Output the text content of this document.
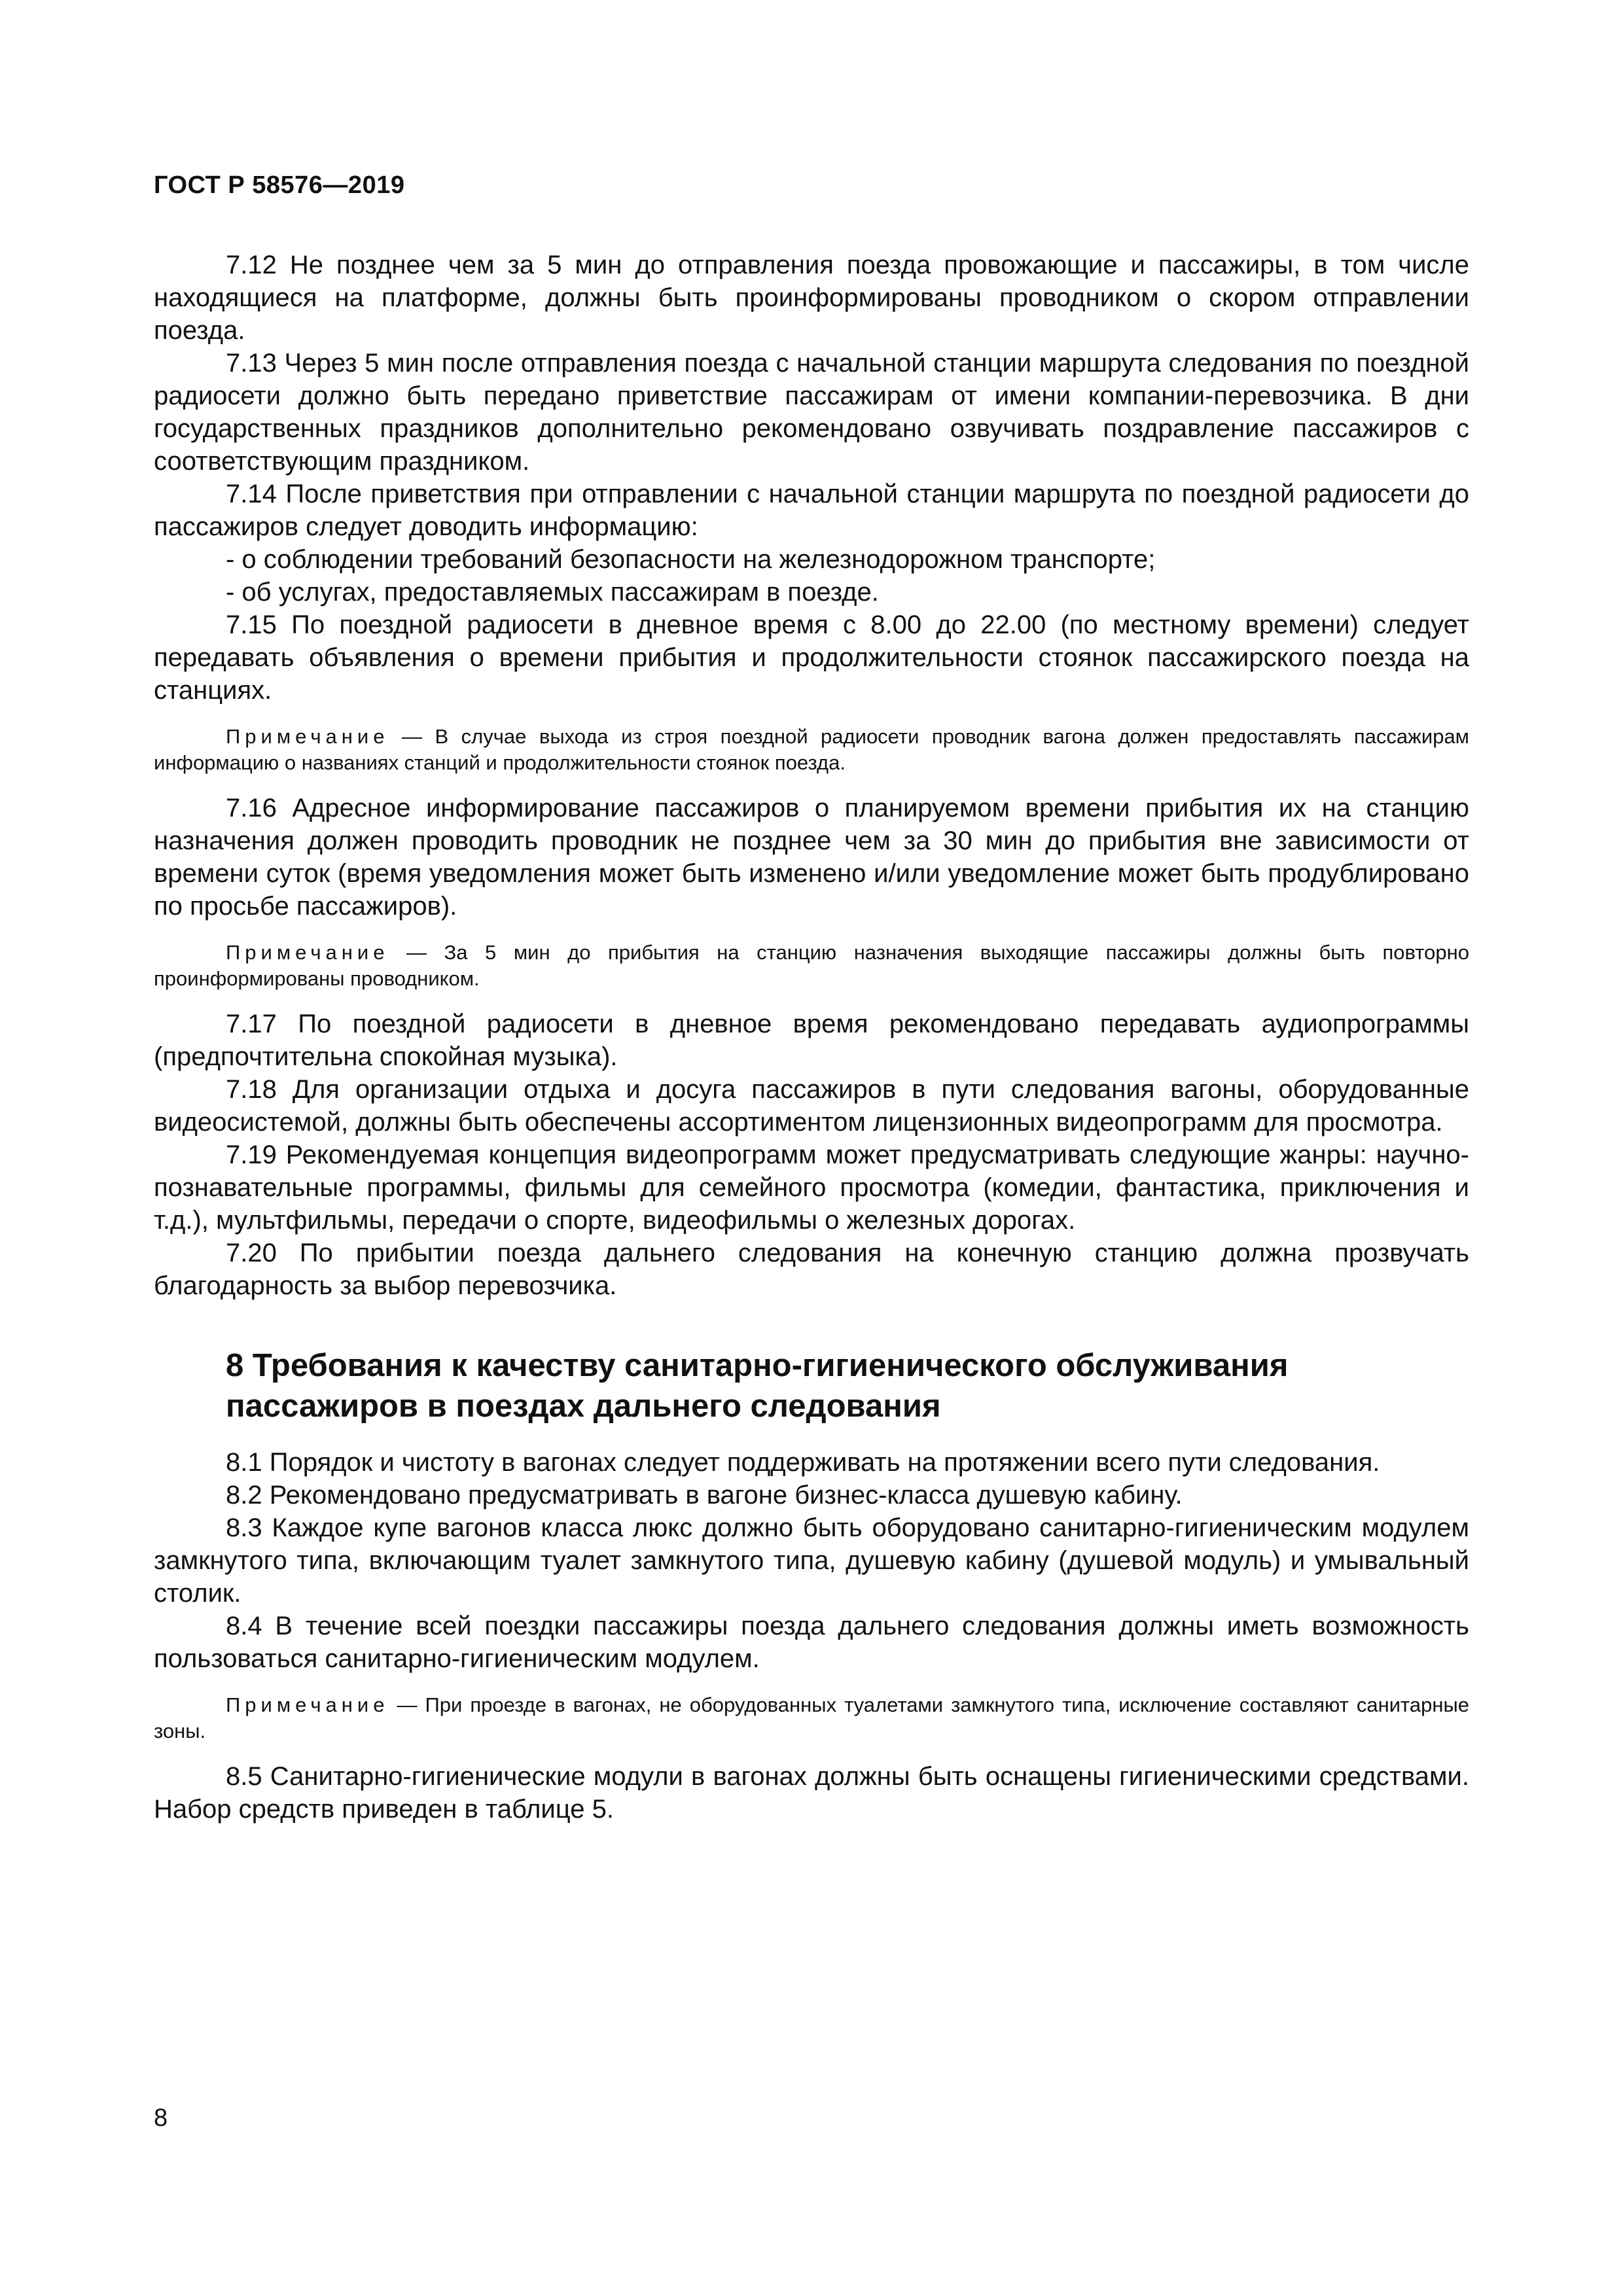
ГОСТ Р 58576—2019

7.12 Не позднее чем за 5 мин до отправления поезда провожающие и пассажиры, в том числе находящиеся на платформе, должны быть проинформированы проводником о скором отправлении поезда.

7.13 Через 5 мин после отправления поезда с начальной станции маршрута следования по поездной радиосети должно быть передано приветствие пассажирам от имени компании-перевозчика. В дни государственных праздников дополнительно рекомендовано озвучивать поздравление пассажиров с соответствующим праздником.

7.14 После приветствия при отправлении с начальной станции маршрута по поездной радиосети до пассажиров следует доводить информацию:

- о соблюдении требований безопасности на железнодорожном транспорте;

- об услугах, предоставляемых пассажирам в поезде.

7.15 По поездной радиосети в дневное время с 8.00 до 22.00 (по местному времени) следует передавать объявления о времени прибытия и продолжительности стоянок пассажирского поезда на станциях.

Примечание — В случае выхода из строя поездной радиосети проводник вагона должен предоставлять пассажирам информацию о названиях станций и продолжительности стоянок поезда.

7.16 Адресное информирование пассажиров о планируемом времени прибытия их на станцию назначения должен проводить проводник не позднее чем за 30 мин до прибытия вне зависимости от времени суток (время уведомления может быть изменено и/или уведомление может быть продублировано по просьбе пассажиров).

Примечание — За 5 мин до прибытия на станцию назначения выходящие пассажиры должны быть повторно проинформированы проводником.

7.17 По поездной радиосети в дневное время рекомендовано передавать аудиопрограммы (предпочтительна спокойная музыка).

7.18 Для организации отдыха и досуга пассажиров в пути следования вагоны, оборудованные видеосистемой, должны быть обеспечены ассортиментом лицензионных видеопрограмм для просмотра.

7.19 Рекомендуемая концепция видеопрограмм может предусматривать следующие жанры: научно-познавательные программы, фильмы для семейного просмотра (комедии, фантастика, приключения и т.д.), мультфильмы, передачи о спорте, видеофильмы о железных дорогах.

7.20 По прибытии поезда дальнего следования на конечную станцию должна прозвучать благодарность за выбор перевозчика.

8 Требования к качеству санитарно-гигиенического обслуживания пассажиров в поездах дальнего следования

8.1 Порядок и чистоту в вагонах следует поддерживать на протяжении всего пути следования.

8.2 Рекомендовано предусматривать в вагоне бизнес-класса душевую кабину.

8.3 Каждое купе вагонов класса люкс должно быть оборудовано санитарно-гигиеническим модулем замкнутого типа, включающим туалет замкнутого типа, душевую кабину (душевой модуль) и умывальный столик.

8.4 В течение всей поездки пассажиры поезда дальнего следования должны иметь возможность пользоваться санитарно-гигиеническим модулем.

Примечание — При проезде в вагонах, не оборудованных туалетами замкнутого типа, исключение составляют санитарные зоны.

8.5 Санитарно-гигиенические модули в вагонах должны быть оснащены гигиеническими средствами. Набор средств приведен в таблице 5.

8
